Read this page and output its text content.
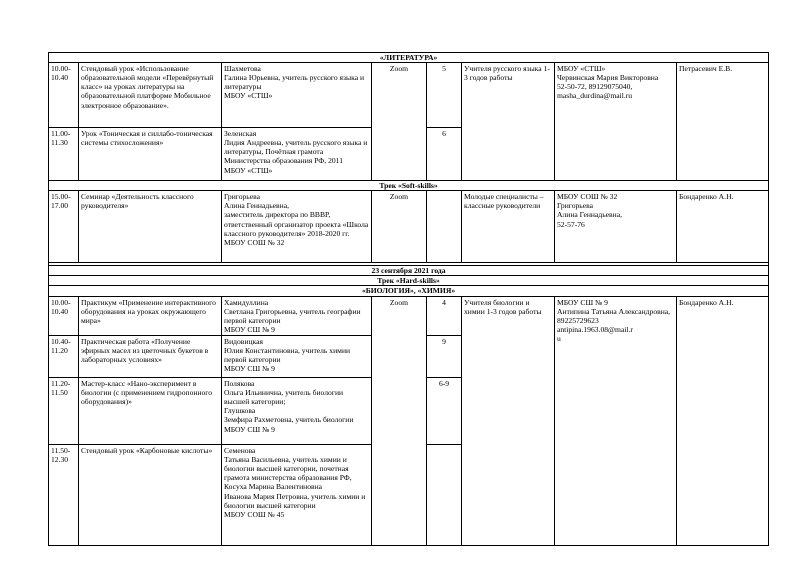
«ЛИТЕРАТУРА»							
10.00-10.40	Стендовый урок «Использование образовательной модели «Перевёрнутый класс» на уроках литературы на образовательной платформе Мобильное электронное образование».	Шахметова
Галина Юрьевна, учитель русского языка и литературы
МБОУ «СТШ»	Zoom	5	Учителя русского языка 1-3 годов работы	МБОУ «СТШ»
Червинская Мария Викторовна
52-50-72, 89129075040,
masha_durdina@mail.ru	Петрасевич Е.В.
11.00-11.30	Урок «Тоническая и силлабо-тоническая системы стихосложения»	Зеленская
Лидия Андреевна, учитель русского языка и литературы, Почётная грамота Министерства образования РФ, 2011
МБОУ «СТШ»		6			
Трек «Soft-skills»							
15.00-17.00	Семинар «Деятельность классного руководителя»	Григорьева
Алина Геннадьевна,
заместитель директора по ВВВР, ответственный организатор проекта «Школа классного руководителя» 2018-2020 гг.
МБОУ СОШ № 32	Zoom		Молодые специалисты – классные руководители	МБОУ СОШ № 32
Григорьева
Алина Геннадьевна,
52-57-76	Бондаренко А.Н.

23 сентября 2021 года							
Трек «Hard-skills»							
«БИОЛОГИЯ», «ХИМИЯ»							
10.00-10.40	Практикум «Применение интерактивного оборудования на уроках окружающего мира»	Хамидуллина
Светлана Григорьевна, учитель географии первой категории
МБОУ СШ № 9	Zoom	4	Учителя биологии и химии 1-3 годов работы	МБОУ СШ № 9
Антипина Татьяна Александровна,
89225729623
antipina.1963.08@mail.r
u	Бондаренко А.Н.
10.40-11.20	Практическая работа «Получение эфирных масел из цветочных букетов в лабораторных условиях»	Видовицкая
Юлия Константиновна, учитель химии первой категории
МБОУ СШ № 9		9			
11.20-11.50	Мастер-класс «Нано-эксперимент в биологии (с применением гидропонного оборудования)»	Полякова
Ольга Ильинична, учитель биологии высшей категории;
Глушкова
Земфира Рахметовна, учитель биологии
МБОУ СШ № 9		6-9			
11.50-12.30	Стендовый урок «Карбоновые кислоты»	Семенова
Татьяна Васильевна, учитель химии и биологии высшей категории, почетная грамота министерства образования РФ,
Косуха Марина Валентиновна
Иванова Мария Петровна, учитель химии и биологии высшей категории
МБОУ СОШ № 45					
